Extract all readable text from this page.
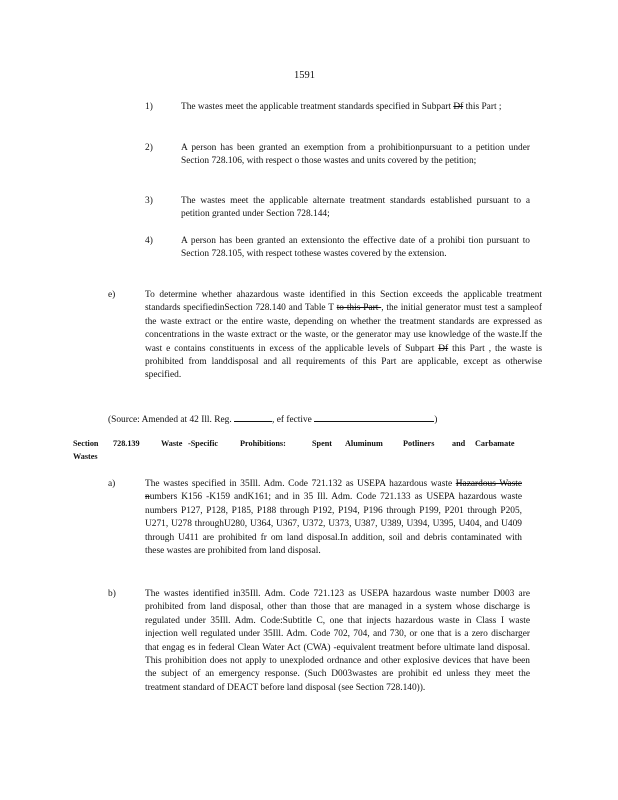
1591
1)	The wastes meet the applicable treatment standards specified in Subpart Df this Part ;
2)	A person has been granted an exemption from a prohibitionpursuant to a petition under Section 728.106, with respect o those wastes and units covered by the petition;
3)	The wastes meet the applicable alternate treatment standards established pursuant to a petition granted under Section 728.144;
4)	A person has been granted an extensionto the effective date of a prohibi tion pursuant to Section 728.105, with respect tothese wastes covered by the extension.
e)	To determine whether ahazardous waste identified in this Section exceeds the applicable treatment standards specifiedinSection 728.140 and Table T to this Part , the initial generator must test a sampleof the waste extract or the entire waste, depending on whether the treatment standards are expressed as concentrations in the waste extract or the waste, or the generator may use knowledge of the waste.If the wast e contains constituents in excess of the applicable levels of Subpart Df this Part , the waste is prohibited from landdisposal and all requirements of this Part are applicable, except as otherwise specified.
(Source: Amended at 42 Ill. Reg.	, ef fective	)
Section 728.139	Waste -Specific	Prohibitions:	Spent Aluminum Potliners and Carbamate
Wastes
a)	The wastes specified in 35Ill. Adm. Code 721.132 as USEPA hazardous waste Hazardous Waste numbers K156 -K159 andK161; and in 35 Ill. Adm. Code 721.133 as USEPA hazardous waste numbers P127, P128, P185, P188 through P192, P194, P196 through P199, P201 through P205, U271, U278 throughU280, U364, U367, U372, U373, U387, U389, U394, U395, U404, and U409 through U411 are prohibited fr om land disposal.In addition, soil and debris contaminated with these wastes are prohibited from land disposal.
b)	The wastes identified in35Ill. Adm. Code 721.123 as USEPA hazardous waste number D003 are prohibited from land disposal, other than those that are managed in a system whose discharge is regulated under 35Ill. Adm. Code:Subtitle C, one that injects hazardous waste in Class I waste injection well regulated under 35Ill. Adm. Code 702, 704, and 730, or one that is a zero discharger that engag es in federal Clean Water Act (CWA) -equivalent treatment before ultimate land disposal. This prohibition does not apply to unexploded ordnance and other explosive devices that have been the subject of an emergency response. (Such D003wastes are prohibit ed unless they meet the treatment standard of DEACT before land disposal (see Section 728.140)).
